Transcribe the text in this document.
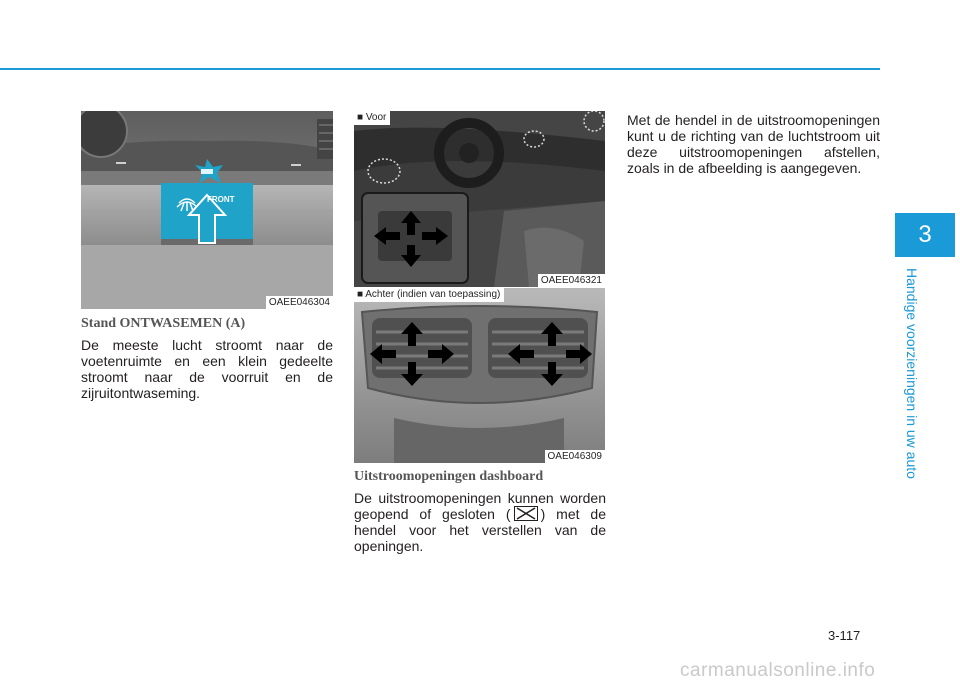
3
Handige voorzieningen in uw auto
FRONT
OAEE046304
Stand ONTWASEMEN (A)

De meeste lucht stroomt naar de voetenruimte en een klein gedeelte stroomt naar de voorruit en de zijruitontwaseming.

■ Voor
OAEE046321
■ Achter (indien van toepassing)
OAE046309
Uitstroomopeningen dashboard

De uitstroomopeningen kunnen worden geopend of gesloten ( ) met de hendel voor het verstellen van de openingen.

Met de hendel in de uitstroomopeningen kunt u de richting van de luchtstroom uit deze uitstroomopeningen afstellen, zoals in de afbeelding is aangegeven.

3-117
carmanualsonline.info
